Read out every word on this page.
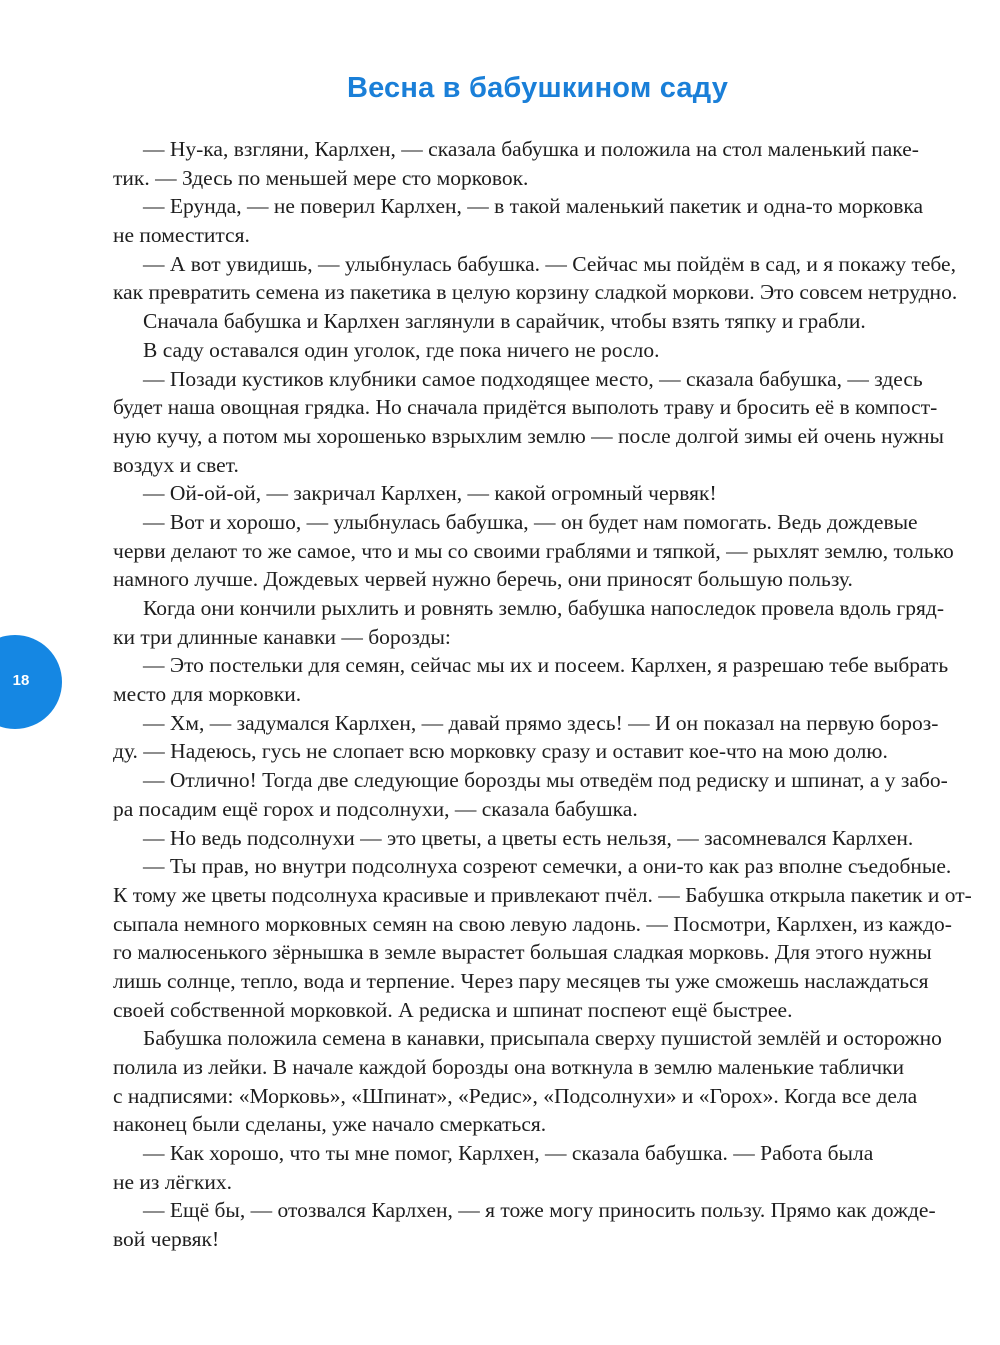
Весна в бабушкином саду
— Ну-ка, взгляни, Карлхен, — сказала бабушка и положила на стол маленький паке-
тик. — Здесь по меньшей мере сто морковок.
— Ерунда, — не поверил Карлхен, — в такой маленький пакетик и одна-то морковка
не поместится.
— А вот увидишь, — улыбнулась бабушка. — Сейчас мы пойдём в сад, и я покажу тебе,
как превратить семена из пакетика в целую корзину сладкой моркови. Это совсем нетрудно.
Сначала бабушка и Карлхен заглянули в сарайчик, чтобы взять тяпку и грабли.
В саду оставался один уголок, где пока ничего не росло.
— Позади кустиков клубники самое подходящее место, — сказала бабушка, — здесь
будет наша овощная грядка. Но сначала придётся выполоть траву и бросить её в компост-
ную кучу, а потом мы хорошенько взрыхлим землю — после долгой зимы ей очень нужны
воздух и свет.
— Ой-ой-ой, — закричал Карлхен, — какой огромный червяк!
— Вот и хорошо, — улыбнулась бабушка, — он будет нам помогать. Ведь дождевые
черви делают то же самое, что и мы со своими граблями и тяпкой, — рыхлят землю, только
намного лучше. Дождевых червей нужно беречь, они приносят большую пользу.
Когда они кончили рыхлить и ровнять землю, бабушка напоследок провела вдоль гряд-
ки три длинные канавки — борозды:
— Это постельки для семян, сейчас мы их и посеем. Карлхен, я разрешаю тебе выбрать
место для морковки.
— Хм, — задумался Карлхен, — давай прямо здесь! — И он показал на первую бороз-
ду. — Надеюсь, гусь не слопает всю морковку сразу и оставит кое-что на мою долю.
— Отлично! Тогда две следующие борозды мы отведём под редиску и шпинат, а у забо-
ра посадим ещё горох и подсолнухи, — сказала бабушка.
— Но ведь подсолнухи — это цветы, а цветы есть нельзя, — засомневался Карлхен.
— Ты прав, но внутри подсолнуха созреют семечки, а они-то как раз вполне съедобные.
К тому же цветы подсолнуха красивые и привлекают пчёл. — Бабушка открыла пакетик и от-
сыпала немного морковных семян на свою левую ладонь. — Посмотри, Карлхен, из каждо-
го малюсенького зёрнышка в земле вырастет большая сладкая морковь. Для этого нужны
лишь солнце, тепло, вода и терпение. Через пару месяцев ты уже сможешь наслаждаться
своей собственной морковкой. А редиска и шпинат поспеют ещё быстрее.
Бабушка положила семена в канавки, присыпала сверху пушистой землёй и осторожно
полила из лейки. В начале каждой борозды она воткнула в землю маленькие таблички
с надписями: «Морковь», «Шпинат», «Редис», «Подсолнухи» и «Горох». Когда все дела
наконец были сделаны, уже начало смеркаться.
— Как хорошо, что ты мне помог, Карлхен, — сказала бабушка. — Работа была
не из лёгких.
— Ещё бы, — отозвался Карлхен, — я тоже могу приносить пользу. Прямо как дожде-
вой червяк!
18
